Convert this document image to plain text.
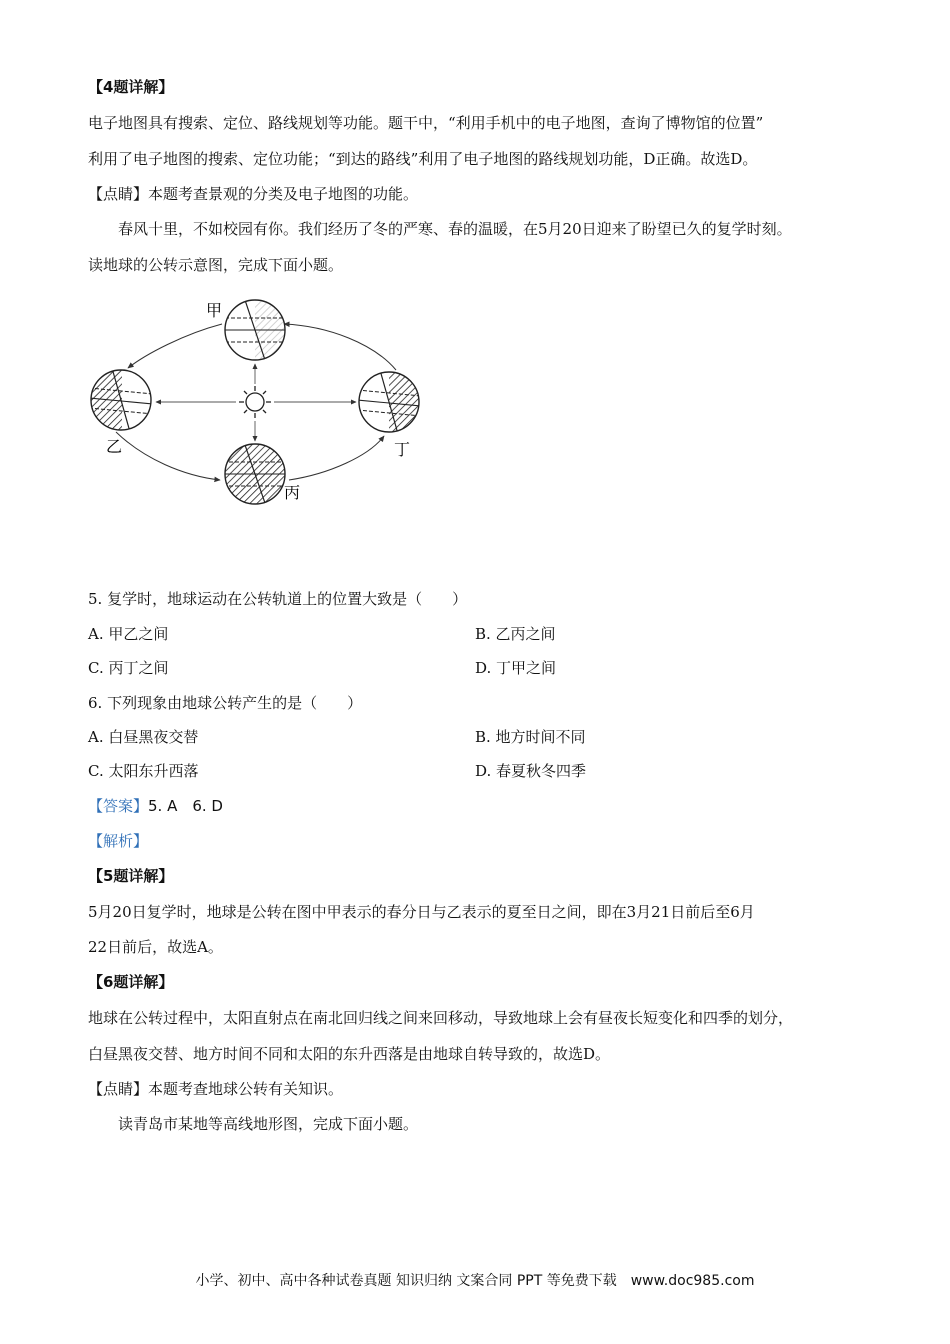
【4题详解】
电子地图具有搜索、定位、路线规划等功能。题干中，“利用手机中的电子地图，查询了博物馆的位置”
利用了电子地图的搜索、定位功能；“到达的路线”利用了电子地图的路线规划功能，D正确。故选D。
【点睛】本题考查景观的分类及电子地图的功能。
春风十里，不如校园有你。我们经历了冬的严寒、春的温暖，在5月20日迎来了盼望已久的复学时刻。
读地球的公转示意图，完成下面小题。
甲
乙
丙
丁
5. 复学时，地球运动在公转轨道上的位置大致是（　　）
A. 甲乙之间	B. 乙丙之间
C. 丙丁之间	D. 丁甲之间
6. 下列现象由地球公转产生的是（　　）
A. 白昼黑夜交替	B. 地方时间不同
C. 太阳东升西落	D. 春夏秋冬四季
【答案】5. A　6. D
【解析】
【5题详解】
5月20日复学时，地球是公转在图中甲表示的春分日与乙表示的夏至日之间，即在3月21日前后至6月
22日前后，故选A。
【6题详解】
地球在公转过程中，太阳直射点在南北回归线之间来回移动，导致地球上会有昼夜长短变化和四季的划分，
白昼黑夜交替、地方时间不同和太阳的东升西落是由地球自转导致的，故选D。
【点睛】本题考查地球公转有关知识。
读青岛市某地等高线地形图，完成下面小题。
小学、初中、高中各种试卷真题 知识归纳 文案合同 PPT 等免费下载　www.doc985.com
